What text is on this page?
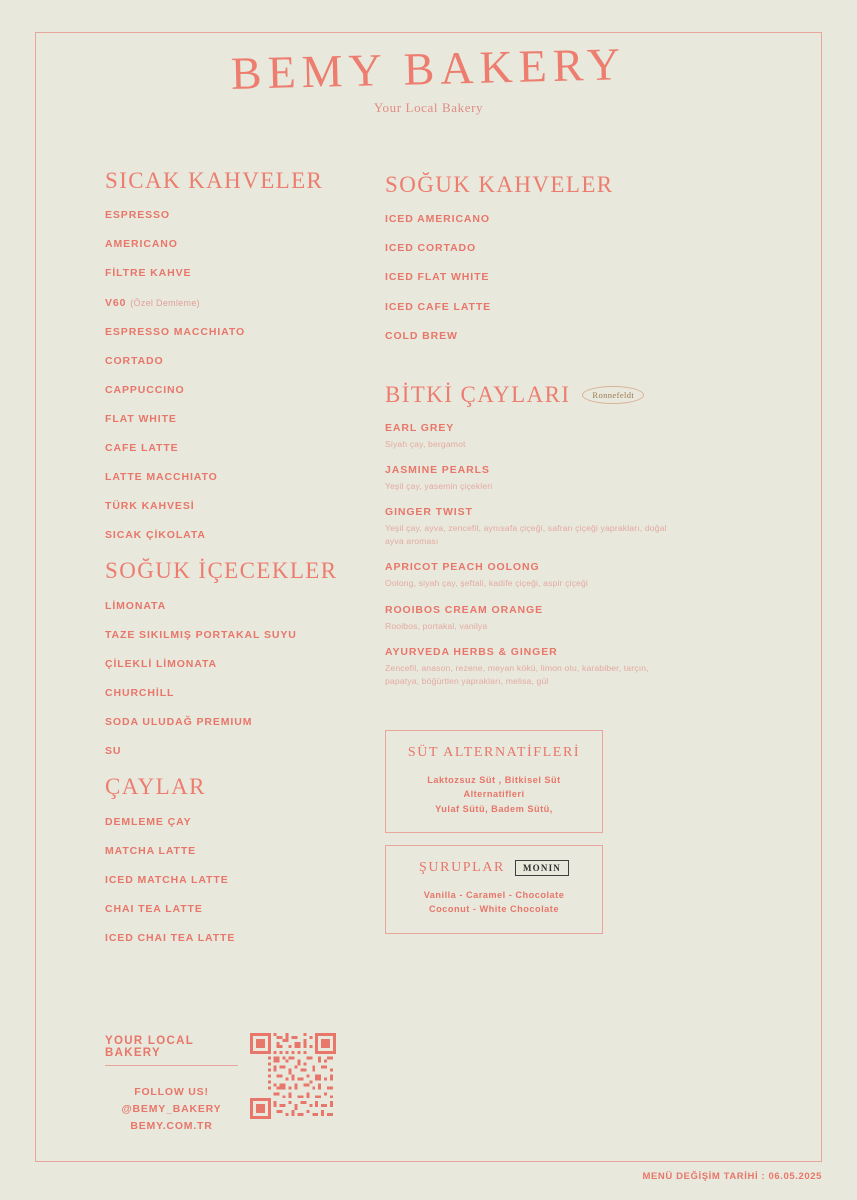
BEMY BAKERY
Your Local Bakery
SICAK KAHVELER
ESPRESSO
AMERICANO
FİLTRE KAHVE
V60 (Özel Demleme)
ESPRESSO MACCHIATO
CORTADO
CAPPUCCINO
FLAT WHITE
CAFE LATTE
LATTE MACCHIATO
TÜRK KAHVESİ
SICAK ÇİKOLATA
SOĞUK İÇECEKLER
LİMONATA
TAZE SIKILMIŞ PORTAKAL SUYU
ÇİLEKLİ LİMONATA
CHURCHİLL
SODA ULUDAĞ PREMIUM
SU
ÇAYLAR
DEMLEME ÇAY
MATCHA LATTE
ICED MATCHA LATTE
CHAI TEA LATTE
ICED CHAI TEA LATTE
SOĞUK KAHVELER
ICED AMERICANO
ICED CORTADO
ICED FLAT WHITE
ICED CAFE LATTE
COLD BREW
BİTKİ ÇAYLARI	Ronnefeldt
EARL GREY
Siyah çay, bergamot
JASMINE PEARLS
Yeşil çay, yasemin çiçekleri
GINGER TWIST
Yeşil çay, ayva, zencefil, aynısafa çiçeği, safran çiçeği yaprakları, doğal ayva aroması
APRICOT PEACH OOLONG
Oolong, siyah çay, şeftali, kadife çiçeği, aspir çiçeği
ROOIBOS CREAM ORANGE
Rooibos, portakal, vanilya
AYURVEDA HERBS & GINGER
Zencefil, anason, rezene, meyan kökü, limon otu, karabiber, tarçın, papatya, böğürtlen yaprakları, melisa, gül
SÜT ALTERNATİFLERİ
Laktozsuz Süt , Bitkisel Süt Alternatifleri
Yulaf Sütü, Badem Sütü,
ŞURUPLAR	MONIN
Vanilla - Caramel - Chocolate
Coconut - White Chocolate
YOUR LOCAL BAKERY
FOLLOW US!
@BEMY_BAKERY
BEMY.COM.TR
MENÜ DEĞİŞİM TARİHİ : 06.05.2025
